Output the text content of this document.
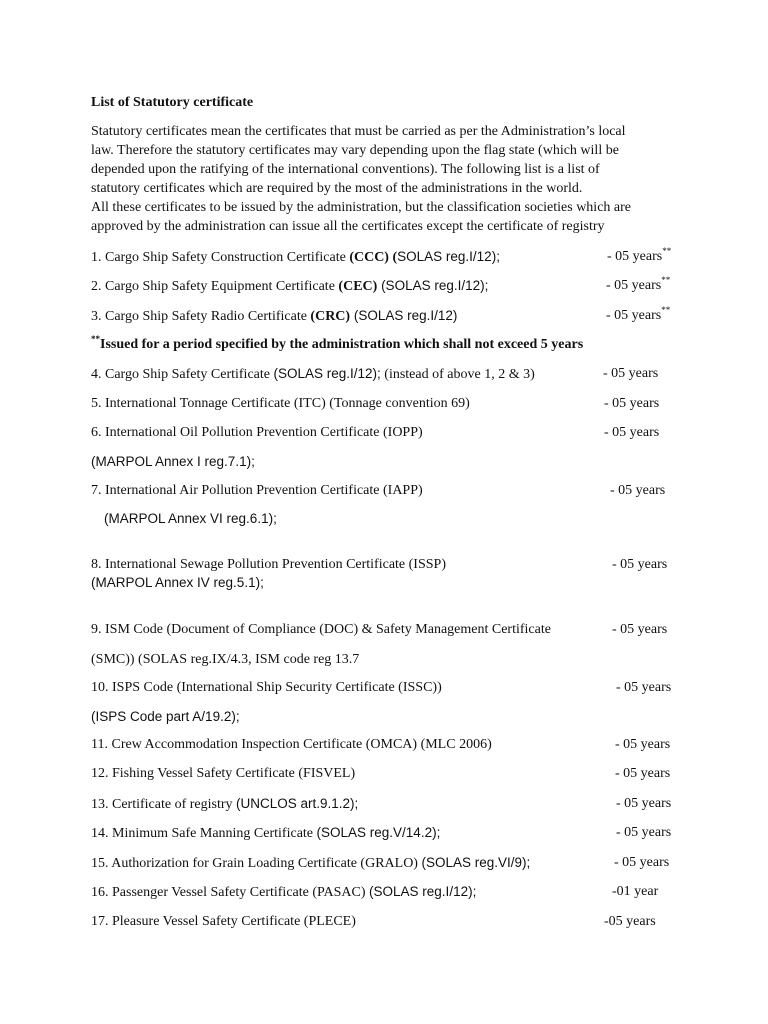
List of Statutory certificate
Statutory certificates mean the certificates that must be carried as per the Administration’s local
law. Therefore the statutory certificates may vary depending upon the flag state (which will be
depended upon the ratifying of the international conventions). The following list is a list of
statutory certificates which are required by the most of the administrations in the world.
All these certificates to be issued by the administration, but the classification societies which are
approved by the administration can issue all the certificates except the certificate of registry
1. Cargo Ship Safety Construction Certificate (CCC) (SOLAS reg.I/12);	- 05 years**
2. Cargo Ship Safety Equipment Certificate (CEC) (SOLAS reg.I/12);	- 05 years**
3. Cargo Ship Safety Radio Certificate (CRC) (SOLAS reg.I/12)	- 05 years**
**Issued for a period specified by the administration which shall not exceed 5 years
4. Cargo Ship Safety Certificate (SOLAS reg.I/12); (instead of above 1, 2 & 3)	- 05 years
5. International Tonnage Certificate (ITC) (Tonnage convention 69)	- 05 years
6. International Oil Pollution Prevention Certificate (IOPP)	- 05 years
(MARPOL Annex I reg.7.1);
7. International Air Pollution Prevention Certificate (IAPP)	- 05 years
(MARPOL Annex VI reg.6.1);
8. International Sewage Pollution Prevention Certificate (ISSP)	- 05 years
(MARPOL Annex IV reg.5.1);
9. ISM Code (Document of Compliance (DOC) & Safety Management Certificate	- 05 years
(SMC)) (SOLAS reg.IX/4.3, ISM code reg 13.7
10. ISPS Code (International Ship Security Certificate (ISSC))	- 05 years
(ISPS Code part A/19.2);
11. Crew Accommodation Inspection Certificate (OMCA) (MLC 2006)	- 05 years
12. Fishing Vessel Safety Certificate (FISVEL)	- 05 years
13. Certificate of registry (UNCLOS art.9.1.2);	- 05 years
14. Minimum Safe Manning Certificate (SOLAS reg.V/14.2);	- 05 years
15. Authorization for Grain Loading Certificate (GRALO) (SOLAS reg.VI/9);	- 05 years
16. Passenger Vessel Safety Certificate (PASAC) (SOLAS reg.I/12);	-01 year
17. Pleasure Vessel Safety Certificate (PLECE)	-05 years
